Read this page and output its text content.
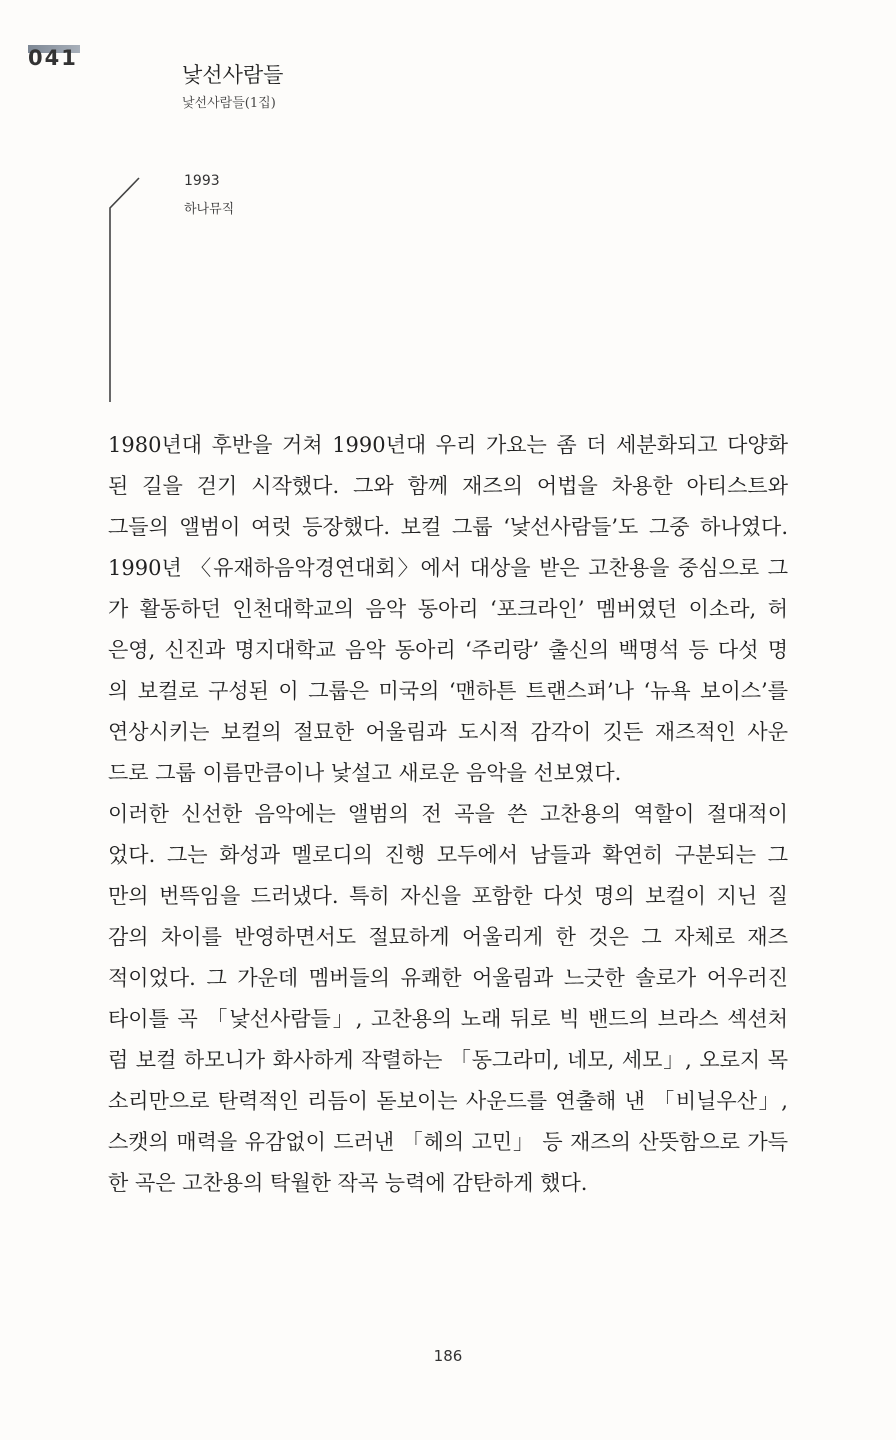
041
낯선사람들
낯선사람들(1집)
1993
하나뮤직
1980년대 후반을 거쳐 1990년대 우리 가요는 좀 더 세분화되고 다양화
된 길을 걷기 시작했다. 그와 함께 재즈의 어법을 차용한 아티스트와
그들의 앨범이 여럿 등장했다. 보컬 그룹 ‘낯선사람들’도 그중 하나였다.
1990년 〈유재하음악경연대회〉에서 대상을 받은 고찬용을 중심으로 그
가 활동하던 인천대학교의 음악 동아리 ‘포크라인’ 멤버였던 이소라, 허
은영, 신진과 명지대학교 음악 동아리 ‘주리랑’ 출신의 백명석 등 다섯 명
의 보컬로 구성된 이 그룹은 미국의 ‘맨하튼 트랜스퍼’나 ‘뉴욕 보이스’를
연상시키는 보컬의 절묘한 어울림과 도시적 감각이 깃든 재즈적인 사운
드로 그룹 이름만큼이나 낯설고 새로운 음악을 선보였다.
이러한 신선한 음악에는 앨범의 전 곡을 쓴 고찬용의 역할이 절대적이
었다. 그는 화성과 멜로디의 진행 모두에서 남들과 확연히 구분되는 그
만의 번뜩임을 드러냈다. 특히 자신을 포함한 다섯 명의 보컬이 지닌 질
감의 차이를 반영하면서도 절묘하게 어울리게 한 것은 그 자체로 재즈
적이었다. 그 가운데 멤버들의 유쾌한 어울림과 느긋한 솔로가 어우러진
타이틀 곡 「낯선사람들」, 고찬용의 노래 뒤로 빅 밴드의 브라스 섹션처
럼 보컬 하모니가 화사하게 작렬하는 「동그라미, 네모, 세모」, 오로지 목
소리만으로 탄력적인 리듬이 돋보이는 사운드를 연출해 낸 「비닐우산」,
스캣의 매력을 유감없이 드러낸 「헤의 고민」 등 재즈의 산뜻함으로 가득
한 곡은 고찬용의 탁월한 작곡 능력에 감탄하게 했다.
186
